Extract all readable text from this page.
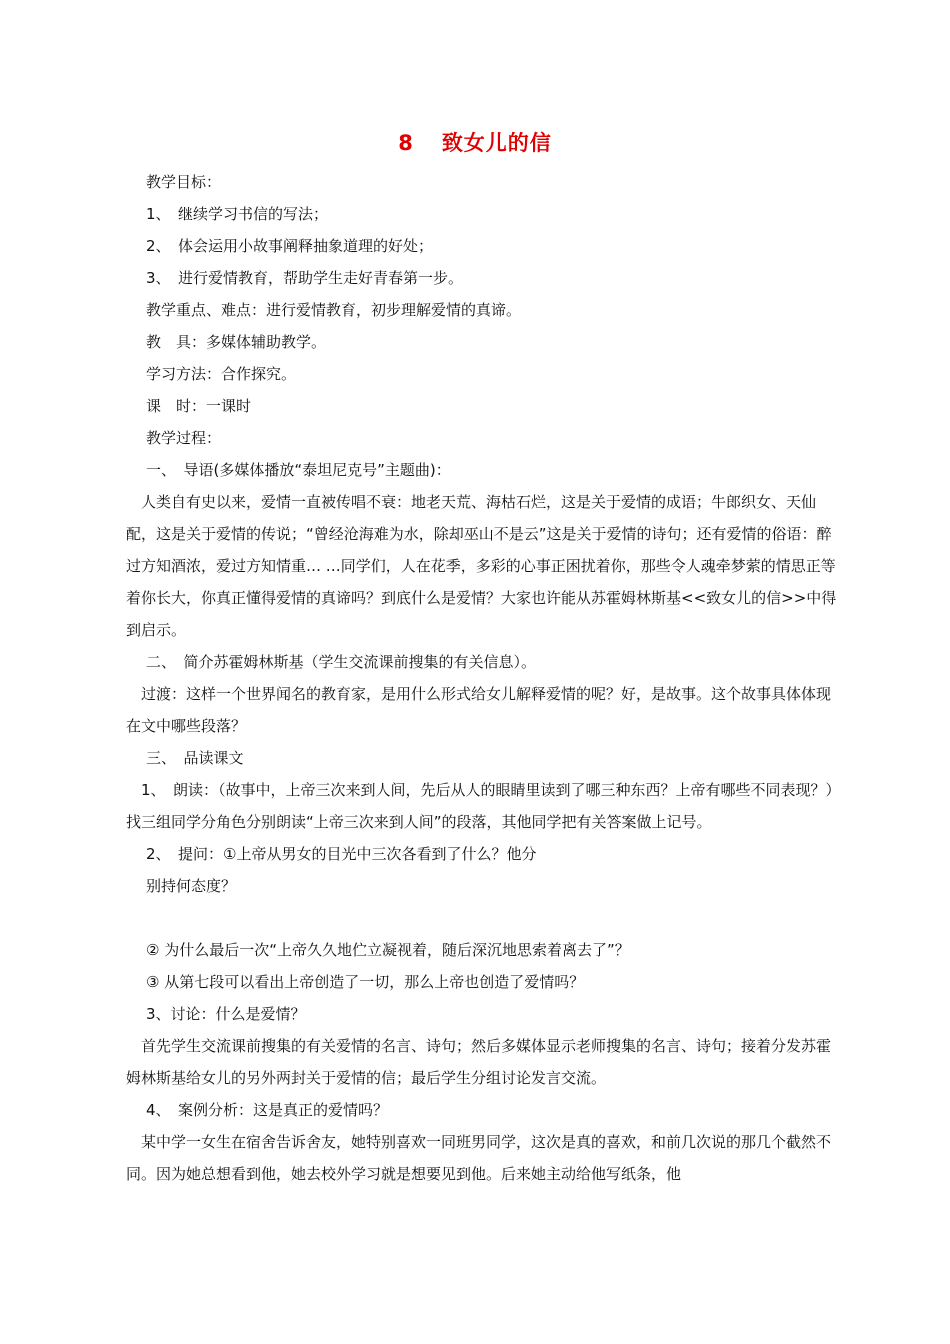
8 致女儿的信

教学目标：

1、　继续学习书信的写法；

2、　体会运用小故事阐释抽象道理的好处；

3、　进行爱情教育，帮助学生走好青春第一步。

教学重点、难点：进行爱情教育，初步理解爱情的真谛。

教　具：多媒体辅助教学。

学习方法：合作探究。

课　时：一课时

教学过程：

一、　导语(多媒体播放“泰坦尼克号”主题曲)：

　人类自有史以来，爱情一直被传唱不衰：地老天荒、海枯石烂，这是关于爱情的成语；牛郎织女、天仙配，这是关于爱情的传说；“曾经沧海难为水，除却巫山不是云”这是关于爱情的诗句；还有爱情的俗语：醉过方知酒浓，爱过方知情重… …同学们，人在花季，多彩的心事正困扰着你，那些令人魂牵梦萦的情思正等着你长大，你真正懂得爱情的真谛吗？到底什么是爱情？大家也许能从苏霍姆林斯基<<致女儿的信>>中得到启示。

二、　简介苏霍姆林斯基（学生交流课前搜集的有关信息）。

　过渡：这样一个世界闻名的教育家，是用什么形式给女儿解释爱情的呢？好，是故事。这个故事具体体现在文中哪些段落？

三、　品读课文

　1、　朗读：（故事中，上帝三次来到人间，先后从人的眼睛里读到了哪三种东西？上帝有哪些不同表现？）找三组同学分角色分别朗读“上帝三次来到人间”的段落，其他同学把有关答案做上记号。

2、　提问：①上帝从男女的目光中三次各看到了什么？他分

别持何态度？

② 为什么最后一次“上帝久久地伫立凝视着，随后深沉地思索着离去了”？

③ 从第七段可以看出上帝创造了一切，那么上帝也创造了爱情吗？

3、讨论：什么是爱情？

　首先学生交流课前搜集的有关爱情的名言、诗句；然后多媒体显示老师搜集的名言、诗句；接着分发苏霍姆林斯基给女儿的另外两封关于爱情的信；最后学生分组讨论发言交流。

4、　案例分析：这是真正的爱情吗？

　某中学一女生在宿舍告诉舍友，她特别喜欢一同班男同学，这次是真的喜欢，和前几次说的那几个截然不同。因为她总想看到他，她去校外学习就是想要见到他。后来她主动给他写纸条，他
